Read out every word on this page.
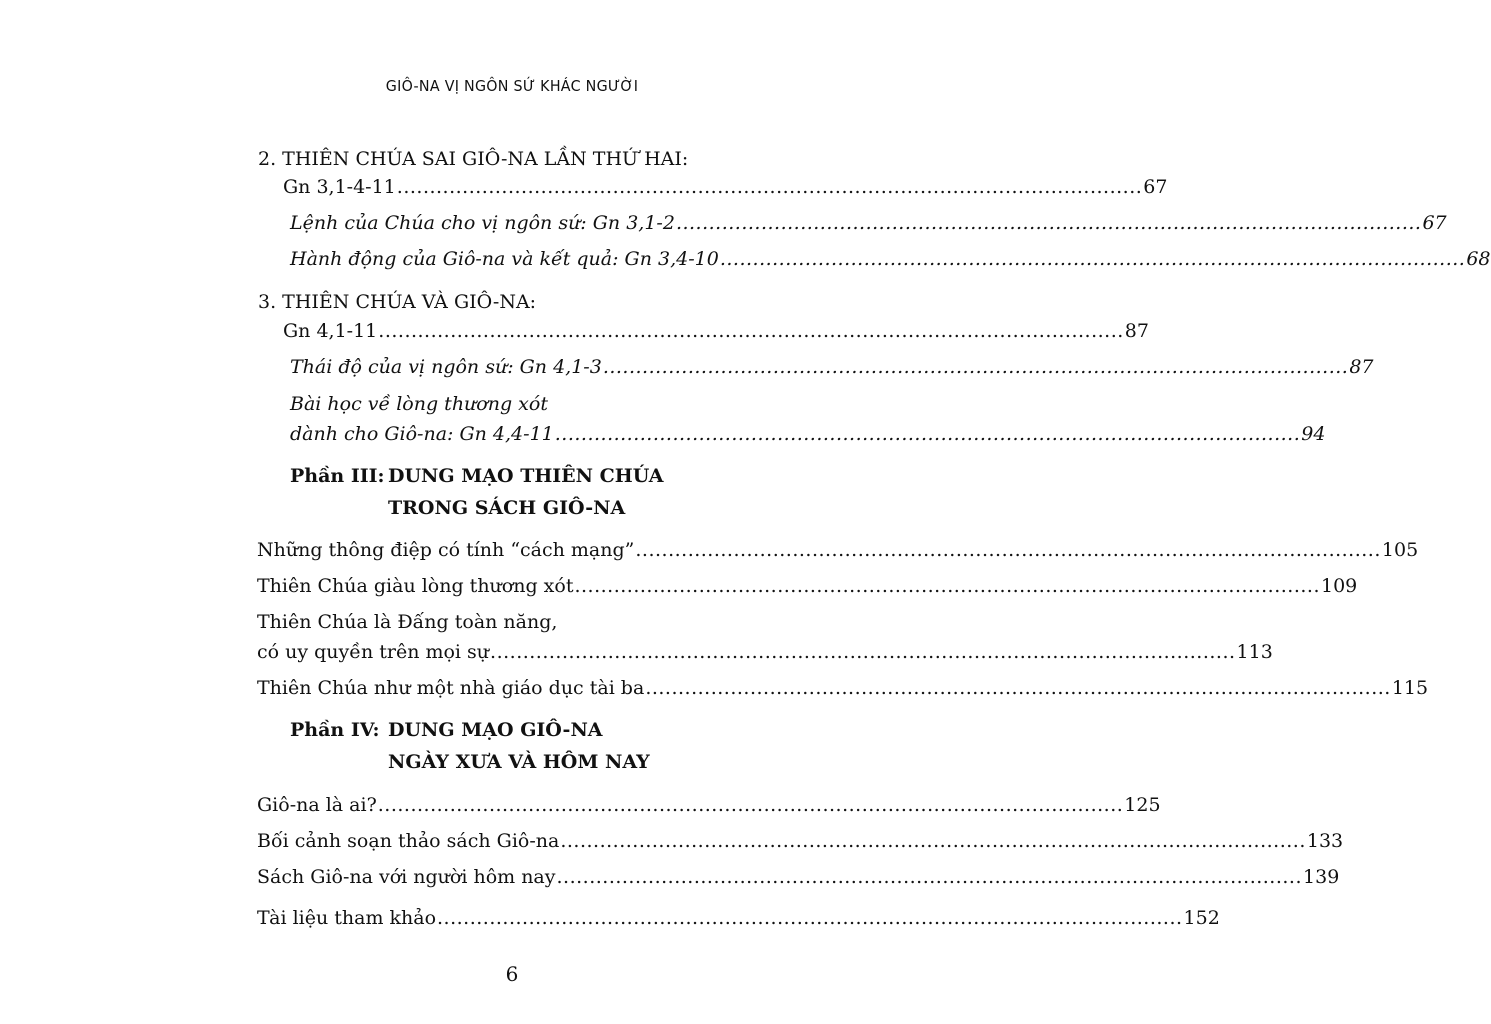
GIÔ-NA VỊ NGÔN SỨ KHÁC NGƯỜI
2. THIÊN CHÚA SAI GIÔ-NA LẦN THỨ HAI:
Gn 3,1-4-11 .................................................................................................................. 67
Lệnh của Chúa cho vị ngôn sứ: Gn 3,1-2 .................................................................................................................. 67
Hành động của Giô-na và kết quả: Gn 3,4-10 .................................................................................................................. 68
3. THIÊN CHÚA VÀ GIÔ-NA:
Gn 4,1-11 .................................................................................................................. 87
Thái độ của vị ngôn sứ: Gn 4,1-3 .................................................................................................................. 87
Bài học về lòng thương xót
dành cho Giô-na: Gn 4,4-11 .................................................................................................................. 94
Phần III: DUNG MẠO THIÊN CHÚA
TRONG SÁCH GIÔ-NA
Những thông điệp có tính “cách mạng” .................................................................................................................. 105
Thiên Chúa giàu lòng thương xót .................................................................................................................. 109
Thiên Chúa là Đấng toàn năng,
có uy quyền trên mọi sự .................................................................................................................. 113
Thiên Chúa như một nhà giáo dục tài ba .................................................................................................................. 115
Phần IV: DUNG MẠO GIÔ-NA
NGÀY XƯA VÀ HÔM NAY
Giô-na là ai? .................................................................................................................. 125
Bối cảnh soạn thảo sách Giô-na .................................................................................................................. 133
Sách Giô-na với người hôm nay .................................................................................................................. 139
Tài liệu tham khảo .................................................................................................................. 152
6
